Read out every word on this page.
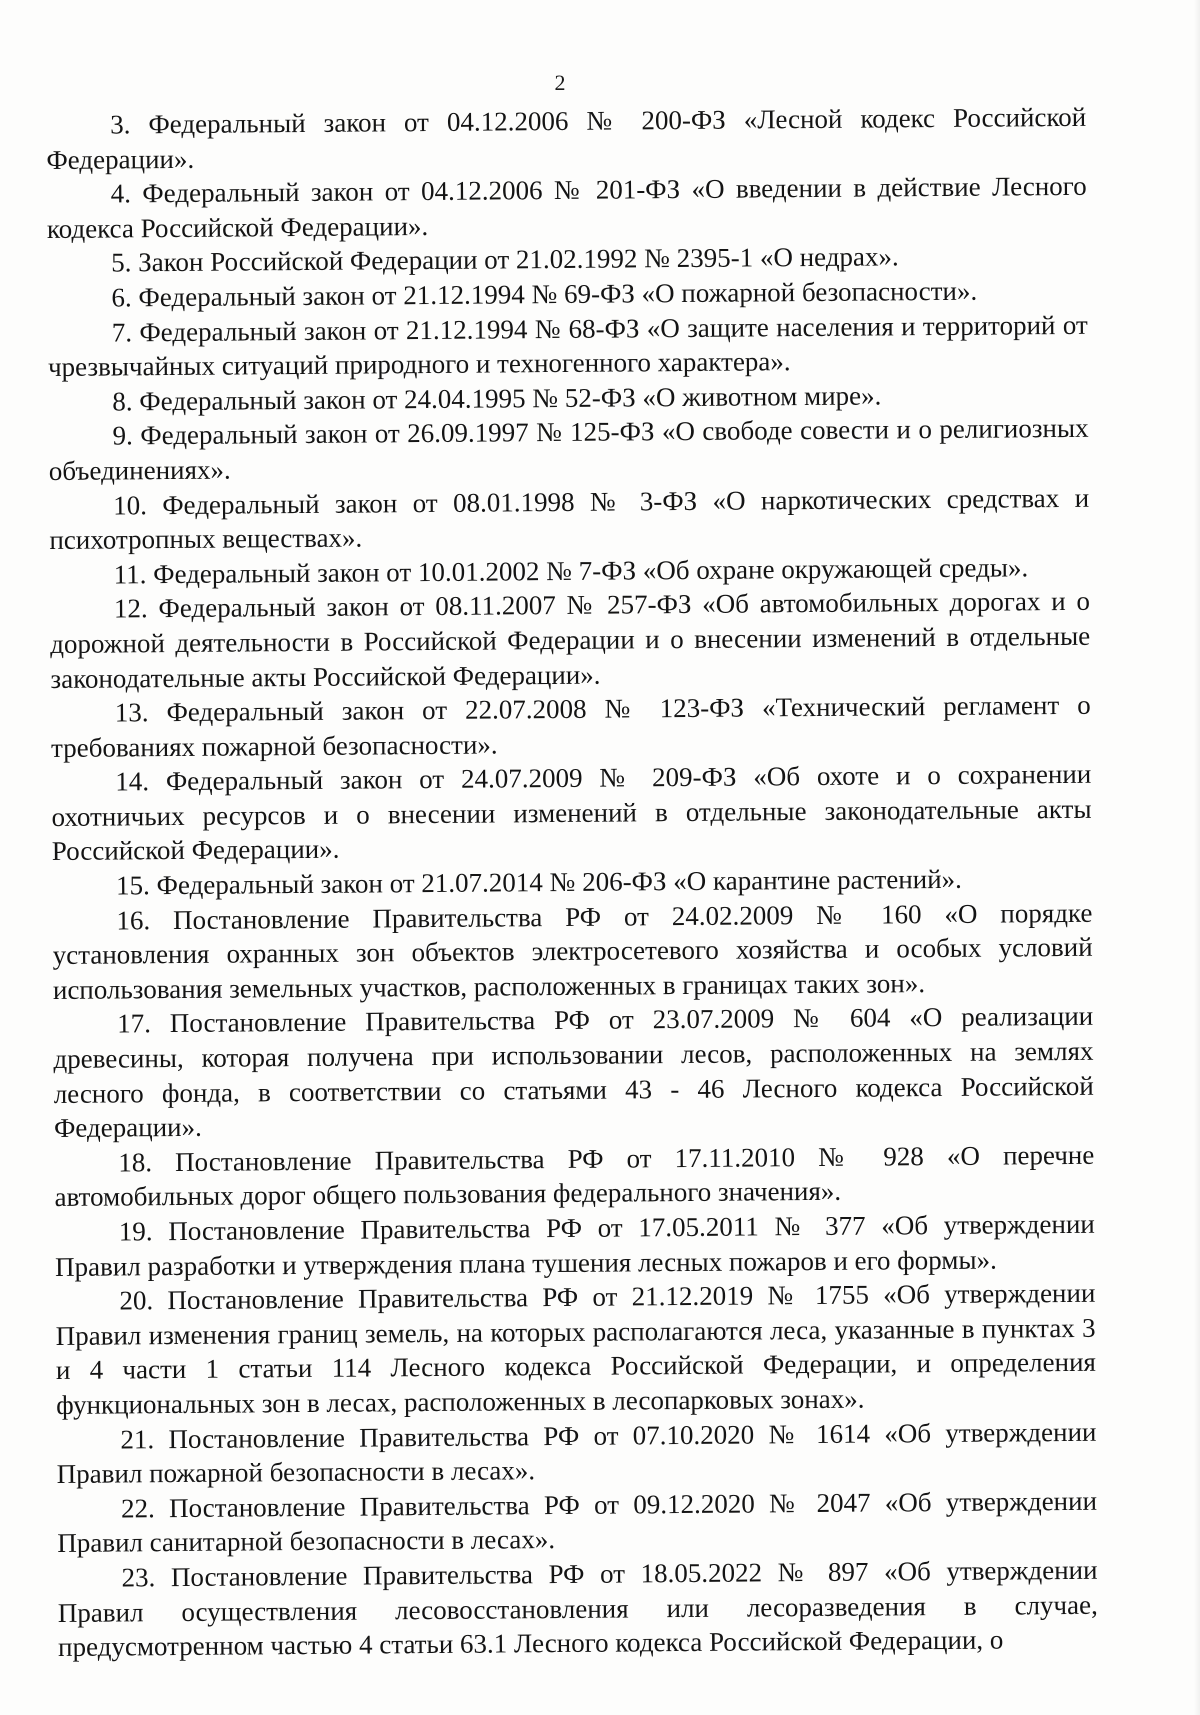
2

3. Федеральный закон от 04.12.2006 № 200-ФЗ «Лесной кодекс Российской Федерации».

4. Федеральный закон от 04.12.2006 № 201-ФЗ «О введении в действие Лесного кодекса Российской Федерации».

5. Закон Российской Федерации от 21.02.1992 № 2395-1 «О недрах».

6. Федеральный закон от 21.12.1994 № 69-ФЗ «О пожарной безопасности».

7. Федеральный закон от 21.12.1994 № 68-ФЗ «О защите населения и территорий от чрезвычайных ситуаций природного и техногенного характера».

8. Федеральный закон от 24.04.1995 № 52-ФЗ «О животном мире».

9. Федеральный закон от 26.09.1997 № 125-ФЗ «О свободе совести и о религиозных объединениях».

10. Федеральный закон от 08.01.1998 № 3-ФЗ «О наркотических средствах и психотропных веществах».

11. Федеральный закон от 10.01.2002 № 7-ФЗ «Об охране окружающей среды».

12. Федеральный закон от 08.11.2007 № 257-ФЗ «Об автомобильных дорогах и о дорожной деятельности в Российской Федерации и о внесении изменений в отдельные законодательные акты Российской Федерации».

13. Федеральный закон от 22.07.2008 № 123-ФЗ «Технический регламент о требованиях пожарной безопасности».

14. Федеральный закон от 24.07.2009 № 209-ФЗ «Об охоте и о сохранении охотничьих ресурсов и о внесении изменений в отдельные законодательные акты Российской Федерации».

15. Федеральный закон от 21.07.2014 № 206-ФЗ «О карантине растений».

16. Постановление Правительства РФ от 24.02.2009 № 160 «О порядке установления охранных зон объектов электросетевого хозяйства и особых условий использования земельных участков, расположенных в границах таких зон».

17. Постановление Правительства РФ от 23.07.2009 № 604 «О реализации древесины, которая получена при использовании лесов, расположенных на землях лесного фонда, в соответствии со статьями 43 - 46 Лесного кодекса Российской Федерации».

18. Постановление Правительства РФ от 17.11.2010 № 928 «О перечне автомобильных дорог общего пользования федерального значения».

19. Постановление Правительства РФ от 17.05.2011 № 377 «Об утверждении Правил разработки и утверждения плана тушения лесных пожаров и его формы».

20. Постановление Правительства РФ от 21.12.2019 № 1755 «Об утверждении Правил изменения границ земель, на которых располагаются леса, указанные в пунктах 3 и 4 части 1 статьи 114 Лесного кодекса Российской Федерации, и определения функциональных зон в лесах, расположенных в лесопарковых зонах».

21. Постановление Правительства РФ от 07.10.2020 № 1614 «Об утверждении Правил пожарной безопасности в лесах».

22. Постановление Правительства РФ от 09.12.2020 № 2047 «Об утверждении Правил санитарной безопасности в лесах».

23. Постановление Правительства РФ от 18.05.2022 № 897 «Об утверждении Правил осуществления лесовосстановления или лесоразведения в случае, предусмотренном частью 4 статьи 63.1 Лесного кодекса Российской Федерации, о
